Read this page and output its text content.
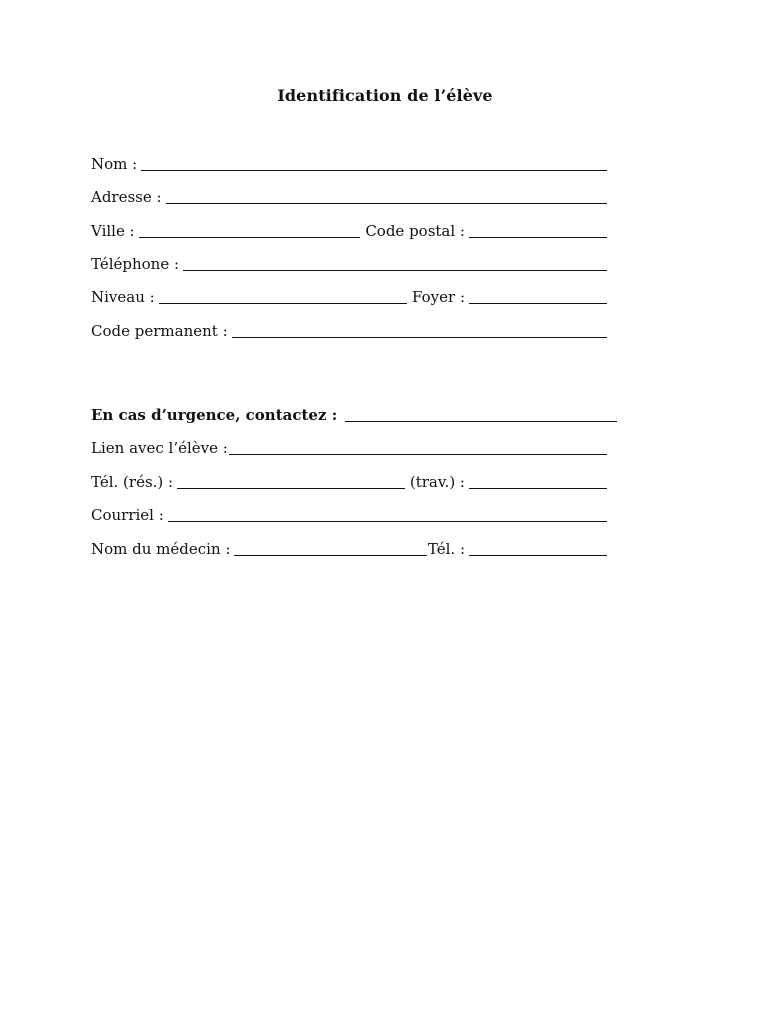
Identification de l’élève
Nom :
Adresse :
Ville :	Code postal :
Téléphone :
Niveau :	Foyer :
Code permanent :
En cas d’urgence, contactez :
Lien avec l’élève :
Tél. (rés.) :	(trav.) :
Courriel :
Nom du médecin :	Tél. :
